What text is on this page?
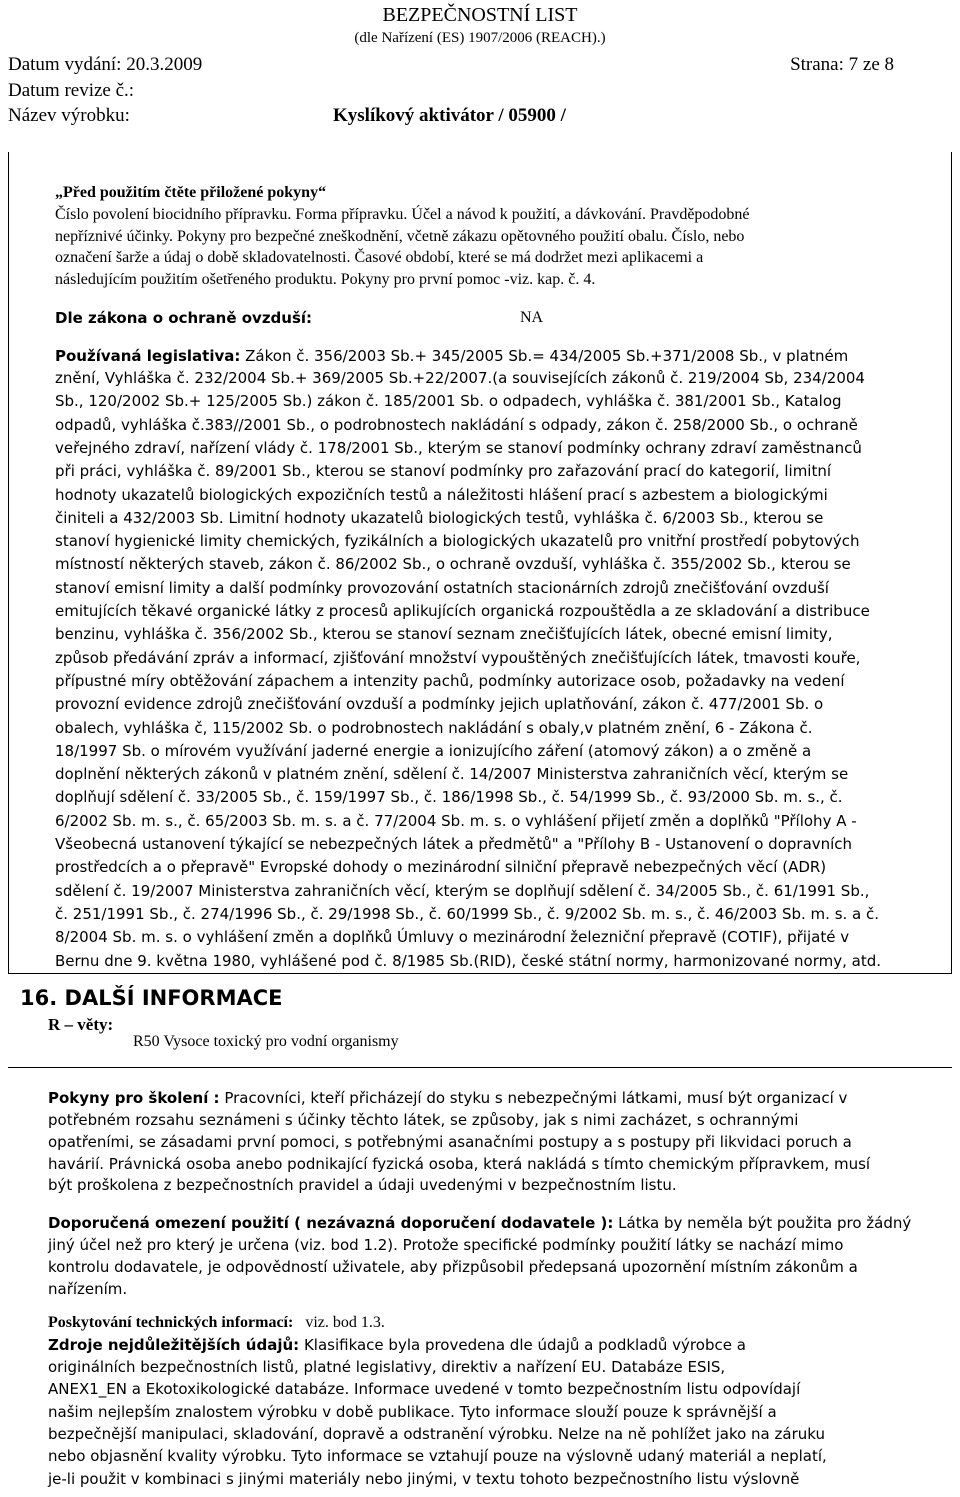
BEZPEČNOSTNÍ LIST
(dle Nařízení (ES) 1907/2006 (REACH).)
Datum vydání: 20.3.2009	Strana: 7 ze 8
Datum revize č.:
Název výrobku:	Kyslíkový aktivátor / 05900 /
„Před použitím čtěte přiložené pokyny“
Číslo povolení biocidního přípravku. Forma přípravku. Účel a návod k použití, a dávkování. Pravděpodobné
nepříznivé účinky. Pokyny pro bezpečné zneškodnění, včetně zákazu opětovného použití obalu. Číslo, nebo
označení šarže a údaj o době skladovatelnosti. Časové období, které se má dodržet mezi aplikacemi a
následujícím použitím ošetřeného produktu. Pokyny pro první pomoc -viz. kap. č. 4.
Dle zákona o ochraně ovzduší:	NA
Používaná legislativa: Zákon č. 356/2003 Sb.+ 345/2005 Sb.= 434/2005 Sb.+371/2008 Sb., v platném
znění, Vyhláška č. 232/2004 Sb.+ 369/2005 Sb.+22/2007.(a souvisejících zákonů č. 219/2004 Sb, 234/2004
Sb., 120/2002 Sb.+ 125/2005 Sb.) zákon č. 185/2001 Sb. o odpadech, vyhláška č. 381/2001 Sb., Katalog
odpadů, vyhláška č.383//2001 Sb., o podrobnostech nakládání s odpady, zákon č. 258/2000 Sb., o ochraně
veřejného zdraví, nařízení vlády č. 178/2001 Sb., kterým se stanoví podmínky ochrany zdraví zaměstnanců
při práci, vyhláška č. 89/2001 Sb., kterou se stanoví podmínky pro zařazování prací do kategorií, limitní
hodnoty ukazatelů biologických expozičních testů a náležitosti hlášení prací s azbestem a biologickými
činiteli a 432/2003 Sb. Limitní hodnoty ukazatelů biologických testů, vyhláška č. 6/2003 Sb., kterou se
stanoví hygienické limity chemických, fyzikálních a biologických ukazatelů pro vnitřní prostředí pobytových
místností některých staveb, zákon č. 86/2002 Sb., o ochraně ovzduší, vyhláška č. 355/2002 Sb., kterou se
stanoví emisní limity a další podmínky provozování ostatních stacionárních zdrojů znečišťování ovzduší
emitujících těkavé organické látky z procesů aplikujících organická rozpouštědla a ze skladování a distribuce
benzinu, vyhláška č. 356/2002 Sb., kterou se stanoví seznam znečišťujících látek, obecné emisní limity,
způsob předávání zpráv a informací, zjišťování množství vypouštěných znečišťujících látek, tmavosti kouře,
přípustné míry obtěžování zápachem a intenzity pachů, podmínky autorizace osob, požadavky na vedení
provozní evidence zdrojů znečišťování ovzduší a podmínky jejich uplatňování, zákon č. 477/2001 Sb. o
obalech, vyhláška č, 115/2002 Sb. o podrobnostech nakládání s obaly,v platném znění, 6 - Zákona č.
18/1997 Sb. o mírovém využívání jaderné energie a ionizujícího záření (atomový zákon) a o změně a
doplnění některých zákonů v platném znění, sdělení č. 14/2007 Ministerstva zahraničních věcí, kterým se
doplňují sdělení č. 33/2005 Sb., č. 159/1997 Sb., č. 186/1998 Sb., č. 54/1999 Sb., č. 93/2000 Sb. m. s., č.
6/2002 Sb. m. s., č. 65/2003 Sb. m. s. a č. 77/2004 Sb. m. s. o vyhlášení přijetí změn a doplňků "Přílohy A -
Všeobecná ustanovení týkající se nebezpečných látek a předmětů" a "Přílohy B - Ustanovení o dopravních
prostředcích a o přepravě" Evropské dohody o mezinárodní silniční přepravě nebezpečných věcí (ADR)
sdělení č. 19/2007 Ministerstva zahraničních věcí, kterým se doplňují sdělení č. 34/2005 Sb., č. 61/1991 Sb.,
č. 251/1991 Sb., č. 274/1996 Sb., č. 29/1998 Sb., č. 60/1999 Sb., č. 9/2002 Sb. m. s., č. 46/2003 Sb. m. s. a č.
8/2004 Sb. m. s. o vyhlášení změn a doplňků Úmluvy o mezinárodní železniční přepravě (COTIF), přijaté v
Bernu dne 9. května 1980, vyhlášené pod č. 8/1985 Sb.(RID), české státní normy, harmonizované normy, atd.
16. DALŠÍ INFORMACE
R – věty:
R50 Vysoce toxický pro vodní organismy
Pokyny pro školení : Pracovníci, kteří přicházejí do styku s nebezpečnými látkami, musí být organizací v
potřebném rozsahu seznámeni s účinky těchto látek, se způsoby, jak s nimi zacházet, s ochrannými
opatřeními, se zásadami první pomoci, s potřebnými asanačními postupy a s postupy při likvidaci poruch a
havárií. Právnická osoba anebo podnikající fyzická osoba, která nakládá s tímto chemickým přípravkem, musí
být proškolena z bezpečnostních pravidel a údaji uvedenými v bezpečnostním listu.
Doporučená omezení použití ( nezávazná doporučení dodavatele ): Látka by neměla být použita pro žádný
jiný účel než pro který je určena (viz. bod 1.2). Protože specifické podmínky použití látky se nachází mimo
kontrolu dodavatele, je odpovědností uživatele, aby přizpůsobil předepsaná upozornění místním zákonům a
nařízením.
Poskytování technických informací: viz. bod 1.3.
Zdroje nejdůležitějších údajů: Klasifikace byla provedena dle údajů a podkladů výrobce a
originálních bezpečnostních listů, platné legislativy, direktiv a nařízení EU. Databáze ESIS,
ANEX1_EN a Ekotoxikologické databáze. Informace uvedené v tomto bezpečnostním listu odpovídají
našim nejlepším znalostem výrobku v době publikace. Tyto informace slouží pouze k správnější a
bezpečnější manipulaci, skladování, dopravě a odstranění výrobku. Nelze na ně pohlížet jako na záruku
nebo objasnění kvality výrobku. Tyto informace se vztahují pouze na výslovně udaný materiál a neplatí,
je-li použit v kombinaci s jinými materiály nebo jinými, v textu tohoto bezpečnostního listu výslovně
